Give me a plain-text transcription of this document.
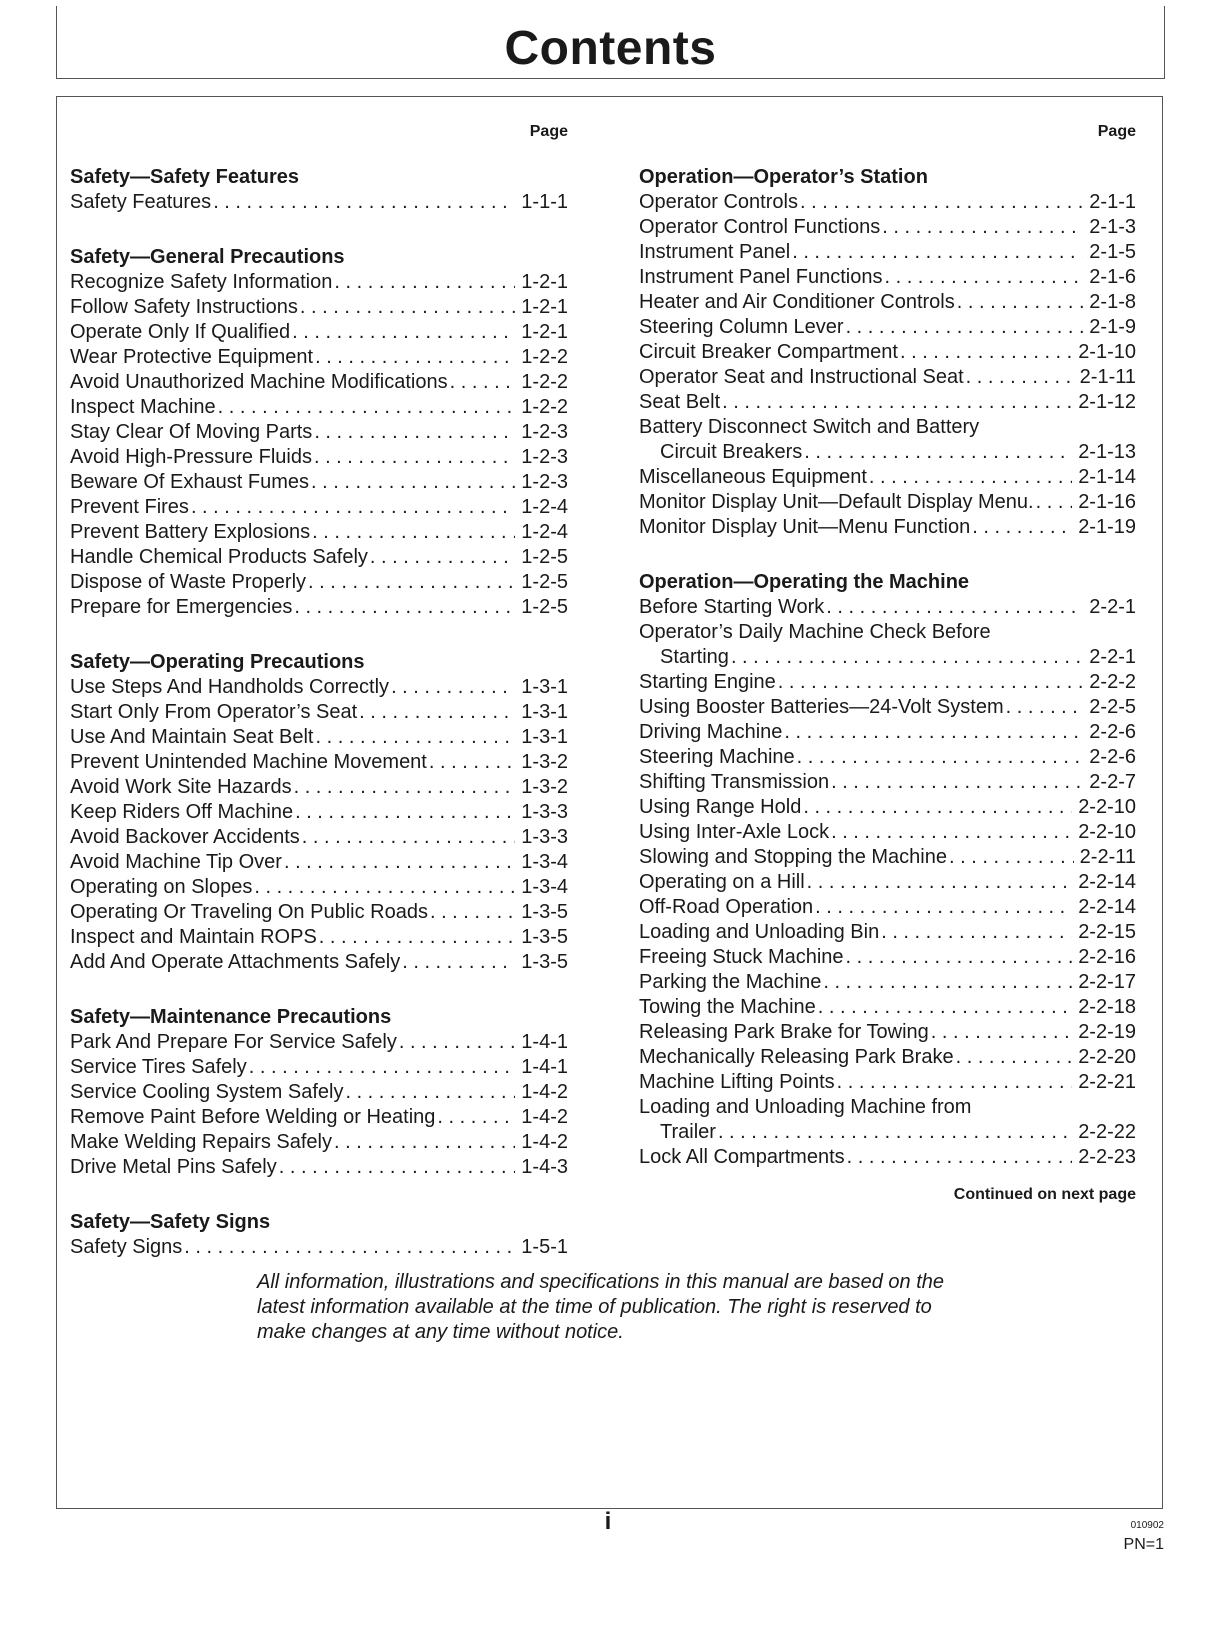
Contents
Page
Safety—Safety Features
Safety Features . . .	1-1-1
Safety—General Precautions
Recognize Safety Information . . .	1-2-1
Follow Safety Instructions . . .	1-2-1
Operate Only If Qualified . . .	1-2-1
Wear Protective Equipment . . .	1-2-2
Avoid Unauthorized Machine Modifications . . .	1-2-2
Inspect Machine . . .	1-2-2
Stay Clear Of Moving Parts . . .	1-2-3
Avoid High-Pressure Fluids . . .	1-2-3
Beware Of Exhaust Fumes . . .	1-2-3
Prevent Fires . . .	1-2-4
Prevent Battery Explosions . . .	1-2-4
Handle Chemical Products Safely . . .	1-2-5
Dispose of Waste Properly . . .	1-2-5
Prepare for Emergencies . . .	1-2-5
Safety—Operating Precautions
Use Steps And Handholds Correctly . . .	1-3-1
Start Only From Operator’s Seat . . .	1-3-1
Use And Maintain Seat Belt . . .	1-3-1
Prevent Unintended Machine Movement . . .	1-3-2
Avoid Work Site Hazards . . .	1-3-2
Keep Riders Off Machine . . .	1-3-3
Avoid Backover Accidents . . .	1-3-3
Avoid Machine Tip Over . . .	1-3-4
Operating on Slopes . . .	1-3-4
Operating Or Traveling On Public Roads . . .	1-3-5
Inspect and Maintain ROPS . . .	1-3-5
Add And Operate Attachments Safely . . .	1-3-5
Safety—Maintenance Precautions
Park And Prepare For Service Safely . . .	1-4-1
Service Tires Safely . . .	1-4-1
Service Cooling System Safely . . .	1-4-2
Remove Paint Before Welding or Heating . . .	1-4-2
Make Welding Repairs Safely . . .	1-4-2
Drive Metal Pins Safely . . .	1-4-3
Safety—Safety Signs
Safety Signs . . .	1-5-1
Page
Operation—Operator’s Station
Operator Controls . . .	2-1-1
Operator Control Functions . . .	2-1-3
Instrument Panel . . .	2-1-5
Instrument Panel Functions . . .	2-1-6
Heater and Air Conditioner Controls . . .	2-1-8
Steering Column Lever . . .	2-1-9
Circuit Breaker Compartment . . .	2-1-10
Operator Seat and Instructional Seat . . .	2-1-11
Seat Belt . . .	2-1-12
Battery Disconnect Switch and Battery
Circuit Breakers . . .	2-1-13
Miscellaneous Equipment . . .	2-1-14
Monitor Display Unit—Default Display Menu. . . . 2-1-16
Monitor Display Unit—Menu Function . . .	2-1-19
Operation—Operating the Machine
Before Starting Work . . .	2-2-1
Operator’s Daily Machine Check Before
Starting . . .	2-2-1
Starting Engine . . .	2-2-2
Using Booster Batteries—24-Volt System . . .	2-2-5
Driving Machine . . .	2-2-6
Steering Machine . . .	2-2-6
Shifting Transmission . . .	2-2-7
Using Range Hold . . .	2-2-10
Using Inter-Axle Lock . . .	2-2-10
Slowing and Stopping the Machine . . .	2-2-11
Operating on a Hill . . .	2-2-14
Off-Road Operation . . .	2-2-14
Loading and Unloading Bin . . .	2-2-15
Freeing Stuck Machine . . .	2-2-16
Parking the Machine . . .	2-2-17
Towing the Machine . . .	2-2-18
Releasing Park Brake for Towing . . .	2-2-19
Mechanically Releasing Park Brake . . .	2-2-20
Machine Lifting Points . . .	2-2-21
Loading and Unloading Machine from
Trailer . . .	2-2-22
Lock All Compartments . . .	2-2-23
Continued on next page
All information, illustrations and specifications in this manual are based on the latest information available at the time of publication. The right is reserved to make changes at any time without notice.
i	010902
PN=1
